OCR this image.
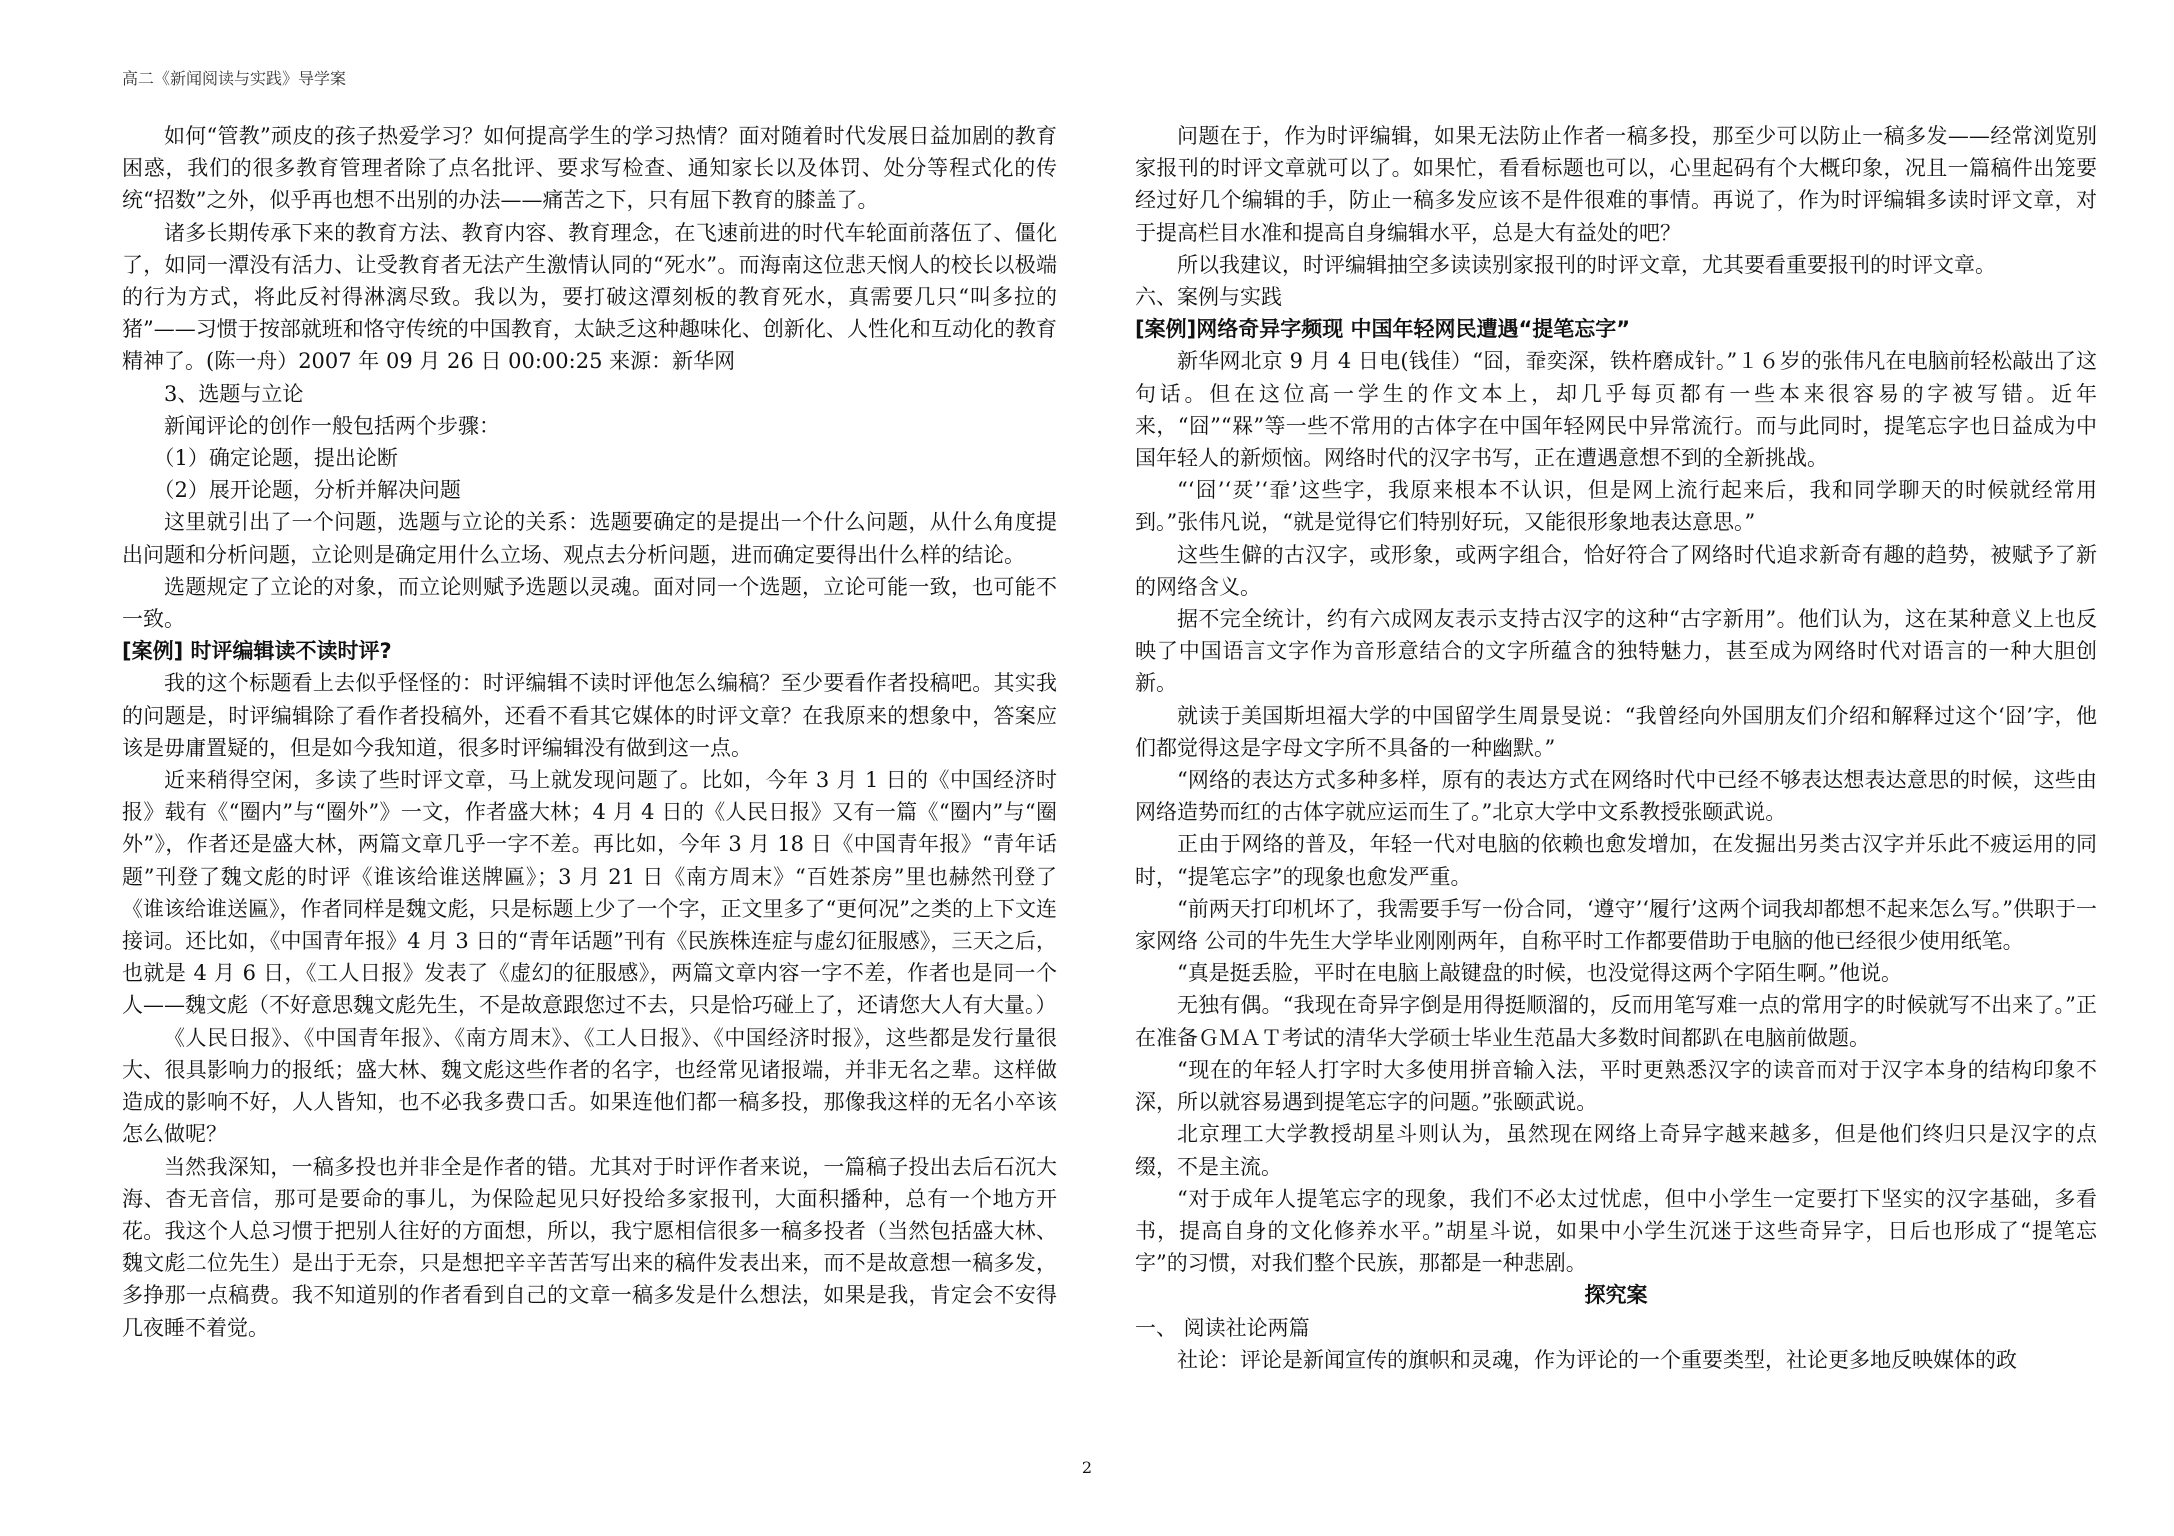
高二《新闻阅读与实践》导学案

如何“管教”顽皮的孩子热爱学习？如何提高学生的学习热情？面对随着时代发展日益加剧的教育困惑，我们的很多教育管理者除了点名批评、要求写检查、通知家长以及体罚、处分等程式化的传统“招数”之外，似乎再也想不出别的办法——痛苦之下，只有屈下教育的膝盖了。

诸多长期传承下来的教育方法、教育内容、教育理念，在飞速前进的时代车轮面前落伍了、僵化了，如同一潭没有活力、让受教育者无法产生激情认同的“死水”。而海南这位悲天悯人的校长以极端的行为方式，将此反衬得淋漓尽致。我以为，要打破这潭刻板的教育死水，真需要几只“叫多拉的猪”——习惯于按部就班和恪守传统的中国教育，太缺乏这种趣味化、创新化、人性化和互动化的教育精神了。(陈一舟）2007 年 09 月 26 日 00:00:25 来源：新华网

3、选题与立论

新闻评论的创作一般包括两个步骤：

（1）确定论题，提出论断

（2）展开论题，分析并解决问题

这里就引出了一个问题，选题与立论的关系：选题要确定的是提出一个什么问题，从什么角度提出问题和分析问题，立论则是确定用什么立场、观点去分析问题，进而确定要得出什么样的结论。

选题规定了立论的对象，而立论则赋予选题以灵魂。面对同一个选题，立论可能一致，也可能不一致。

[案例] 时评编辑读不读时评?

我的这个标题看上去似乎怪怪的：时评编辑不读时评他怎么编稿？至少要看作者投稿吧。其实我的问题是，时评编辑除了看作者投稿外，还看不看其它媒体的时评文章？在我原来的想象中，答案应该是毋庸置疑的，但是如今我知道，很多时评编辑没有做到这一点。

近来稍得空闲，多读了些时评文章，马上就发现问题了。比如，今年 3 月 1 日的《中国经济时报》载有《“圈内”与“圈外”》一文，作者盛大林；4 月 4 日的《人民日报》又有一篇《“圈内”与“圈外”》，作者还是盛大林，两篇文章几乎一字不差。再比如，今年 3 月 18 日《中国青年报》“青年话题”刊登了魏文彪的时评《谁该给谁送牌匾》；3 月 21 日《南方周末》“百姓茶房”里也赫然刊登了《谁该给谁送匾》，作者同样是魏文彪，只是标题上少了一个字，正文里多了“更何况”之类的上下文连接词。还比如，《中国青年报》4 月 3 日的“青年话题”刊有《民族株连症与虚幻征服感》，三天之后，也就是 4 月 6 日，《工人日报》发表了《虚幻的征服感》，两篇文章内容一字不差，作者也是同一个人——魏文彪（不好意思魏文彪先生，不是故意跟您过不去，只是恰巧碰上了，还请您大人有大量。）

《人民日报》、《中国青年报》、《南方周末》、《工人日报》、《中国经济时报》，这些都是发行量很大、很具影响力的报纸；盛大林、魏文彪这些作者的名字，也经常见诸报端，并非无名之辈。这样做造成的影响不好，人人皆知，也不必我多费口舌。如果连他们都一稿多投，那像我这样的无名小卒该怎么做呢？

当然我深知，一稿多投也并非全是作者的错。尤其对于时评作者来说，一篇稿子投出去后石沉大海、杳无音信，那可是要命的事儿，为保险起见只好投给多家报刊，大面积播种，总有一个地方开花。我这个人总习惯于把别人往好的方面想，所以，我宁愿相信很多一稿多投者（当然包括盛大林、魏文彪二位先生）是出于无奈，只是想把辛辛苦苦写出来的稿件发表出来，而不是故意想一稿多发，多挣那一点稿费。我不知道别的作者看到自己的文章一稿多发是什么想法，如果是我，肯定会不安得几夜睡不着觉。

问题在于，作为时评编辑，如果无法防止作者一稿多投，那至少可以防止一稿多发——经常浏览别家报刊的时评文章就可以了。如果忙，看看标题也可以，心里起码有个大概印象，况且一篇稿件出笼要经过好几个编辑的手，防止一稿多发应该不是件很难的事情。再说了，作为时评编辑多读时评文章，对于提高栏目水准和提高自身编辑水平，总是大有益处的吧？

所以我建议，时评编辑抽空多读读别家报刊的时评文章，尤其要看重要报刊的时评文章。

六、案例与实践

[案例]网络奇异字频现 中国年轻网民遭遇“提笔忘字”

新华网北京 9 月 4 日电(钱佳）“囧，䨿奕深，铁杵磨成针。”１６岁的张伟凡在电脑前轻松敲出了这句话。但在这位高一学生的作文本上，却几乎每页都有一些本来很容易的字被写错。近年来，“囧”“槑”等一些不常用的古体字在中国年轻网民中异常流行。而与此同时，提笔忘字也日益成为中国年轻人的新烦恼。网络时代的汉字书写，正在遭遇意想不到的全新挑战。

“‘囧’‘烎’‘䨿’这些字，我原来根本不认识，但是网上流行起来后，我和同学聊天的时候就经常用到。”张伟凡说，“就是觉得它们特别好玩，又能很形象地表达意思。”

这些生僻的古汉字，或形象，或两字组合，恰好符合了网络时代追求新奇有趣的趋势，被赋予了新的网络含义。

据不完全统计，约有六成网友表示支持古汉字的这种“古字新用”。他们认为，这在某种意义上也反映了中国语言文字作为音形意结合的文字所蕴含的独特魅力，甚至成为网络时代对语言的一种大胆创新。

就读于美国斯坦福大学的中国留学生周景旻说：“我曾经向外国朋友们介绍和解释过这个‘囧’字，他们都觉得这是字母文字所不具备的一种幽默。”

“网络的表达方式多种多样，原有的表达方式在网络时代中已经不够表达想表达意思的时候，这些由网络造势而红的古体字就应运而生了。”北京大学中文系教授张颐武说。

正由于网络的普及，年轻一代对电脑的依赖也愈发增加，在发掘出另类古汉字并乐此不疲运用的同时，“提笔忘字”的现象也愈发严重。

“前两天打印机坏了，我需要手写一份合同，‘遵守’‘履行’这两个词我却都想不起来怎么写。”供职于一家网络 公司的牛先生大学毕业刚刚两年，自称平时工作都要借助于电脑的他已经很少使用纸笔。

“真是挺丢脸，平时在电脑上敲键盘的时候，也没觉得这两个字陌生啊。”他说。

无独有偶。“我现在奇异字倒是用得挺顺溜的，反而用笔写难一点的常用字的时候就写不出来了。”正在准备ＧＭＡＴ考试的清华大学硕士毕业生范晶大多数时间都趴在电脑前做题。

“现在的年轻人打字时大多使用拼音输入法，平时更熟悉汉字的读音而对于汉字本身的结构印象不深，所以就容易遇到提笔忘字的问题。”张颐武说。

北京理工大学教授胡星斗则认为，虽然现在网络上奇异字越来越多，但是他们终归只是汉字的点缀，不是主流。

“对于成年人提笔忘字的现象，我们不必太过忧虑，但中小学生一定要打下坚实的汉字基础，多看书，提高自身的文化修养水平。”胡星斗说，如果中小学生沉迷于这些奇异字，日后也形成了“提笔忘字”的习惯，对我们整个民族，那都是一种悲剧。

探究案

一、 阅读社论两篇

社论：评论是新闻宣传的旗帜和灵魂，作为评论的一个重要类型，社论更多地反映媒体的政

2
